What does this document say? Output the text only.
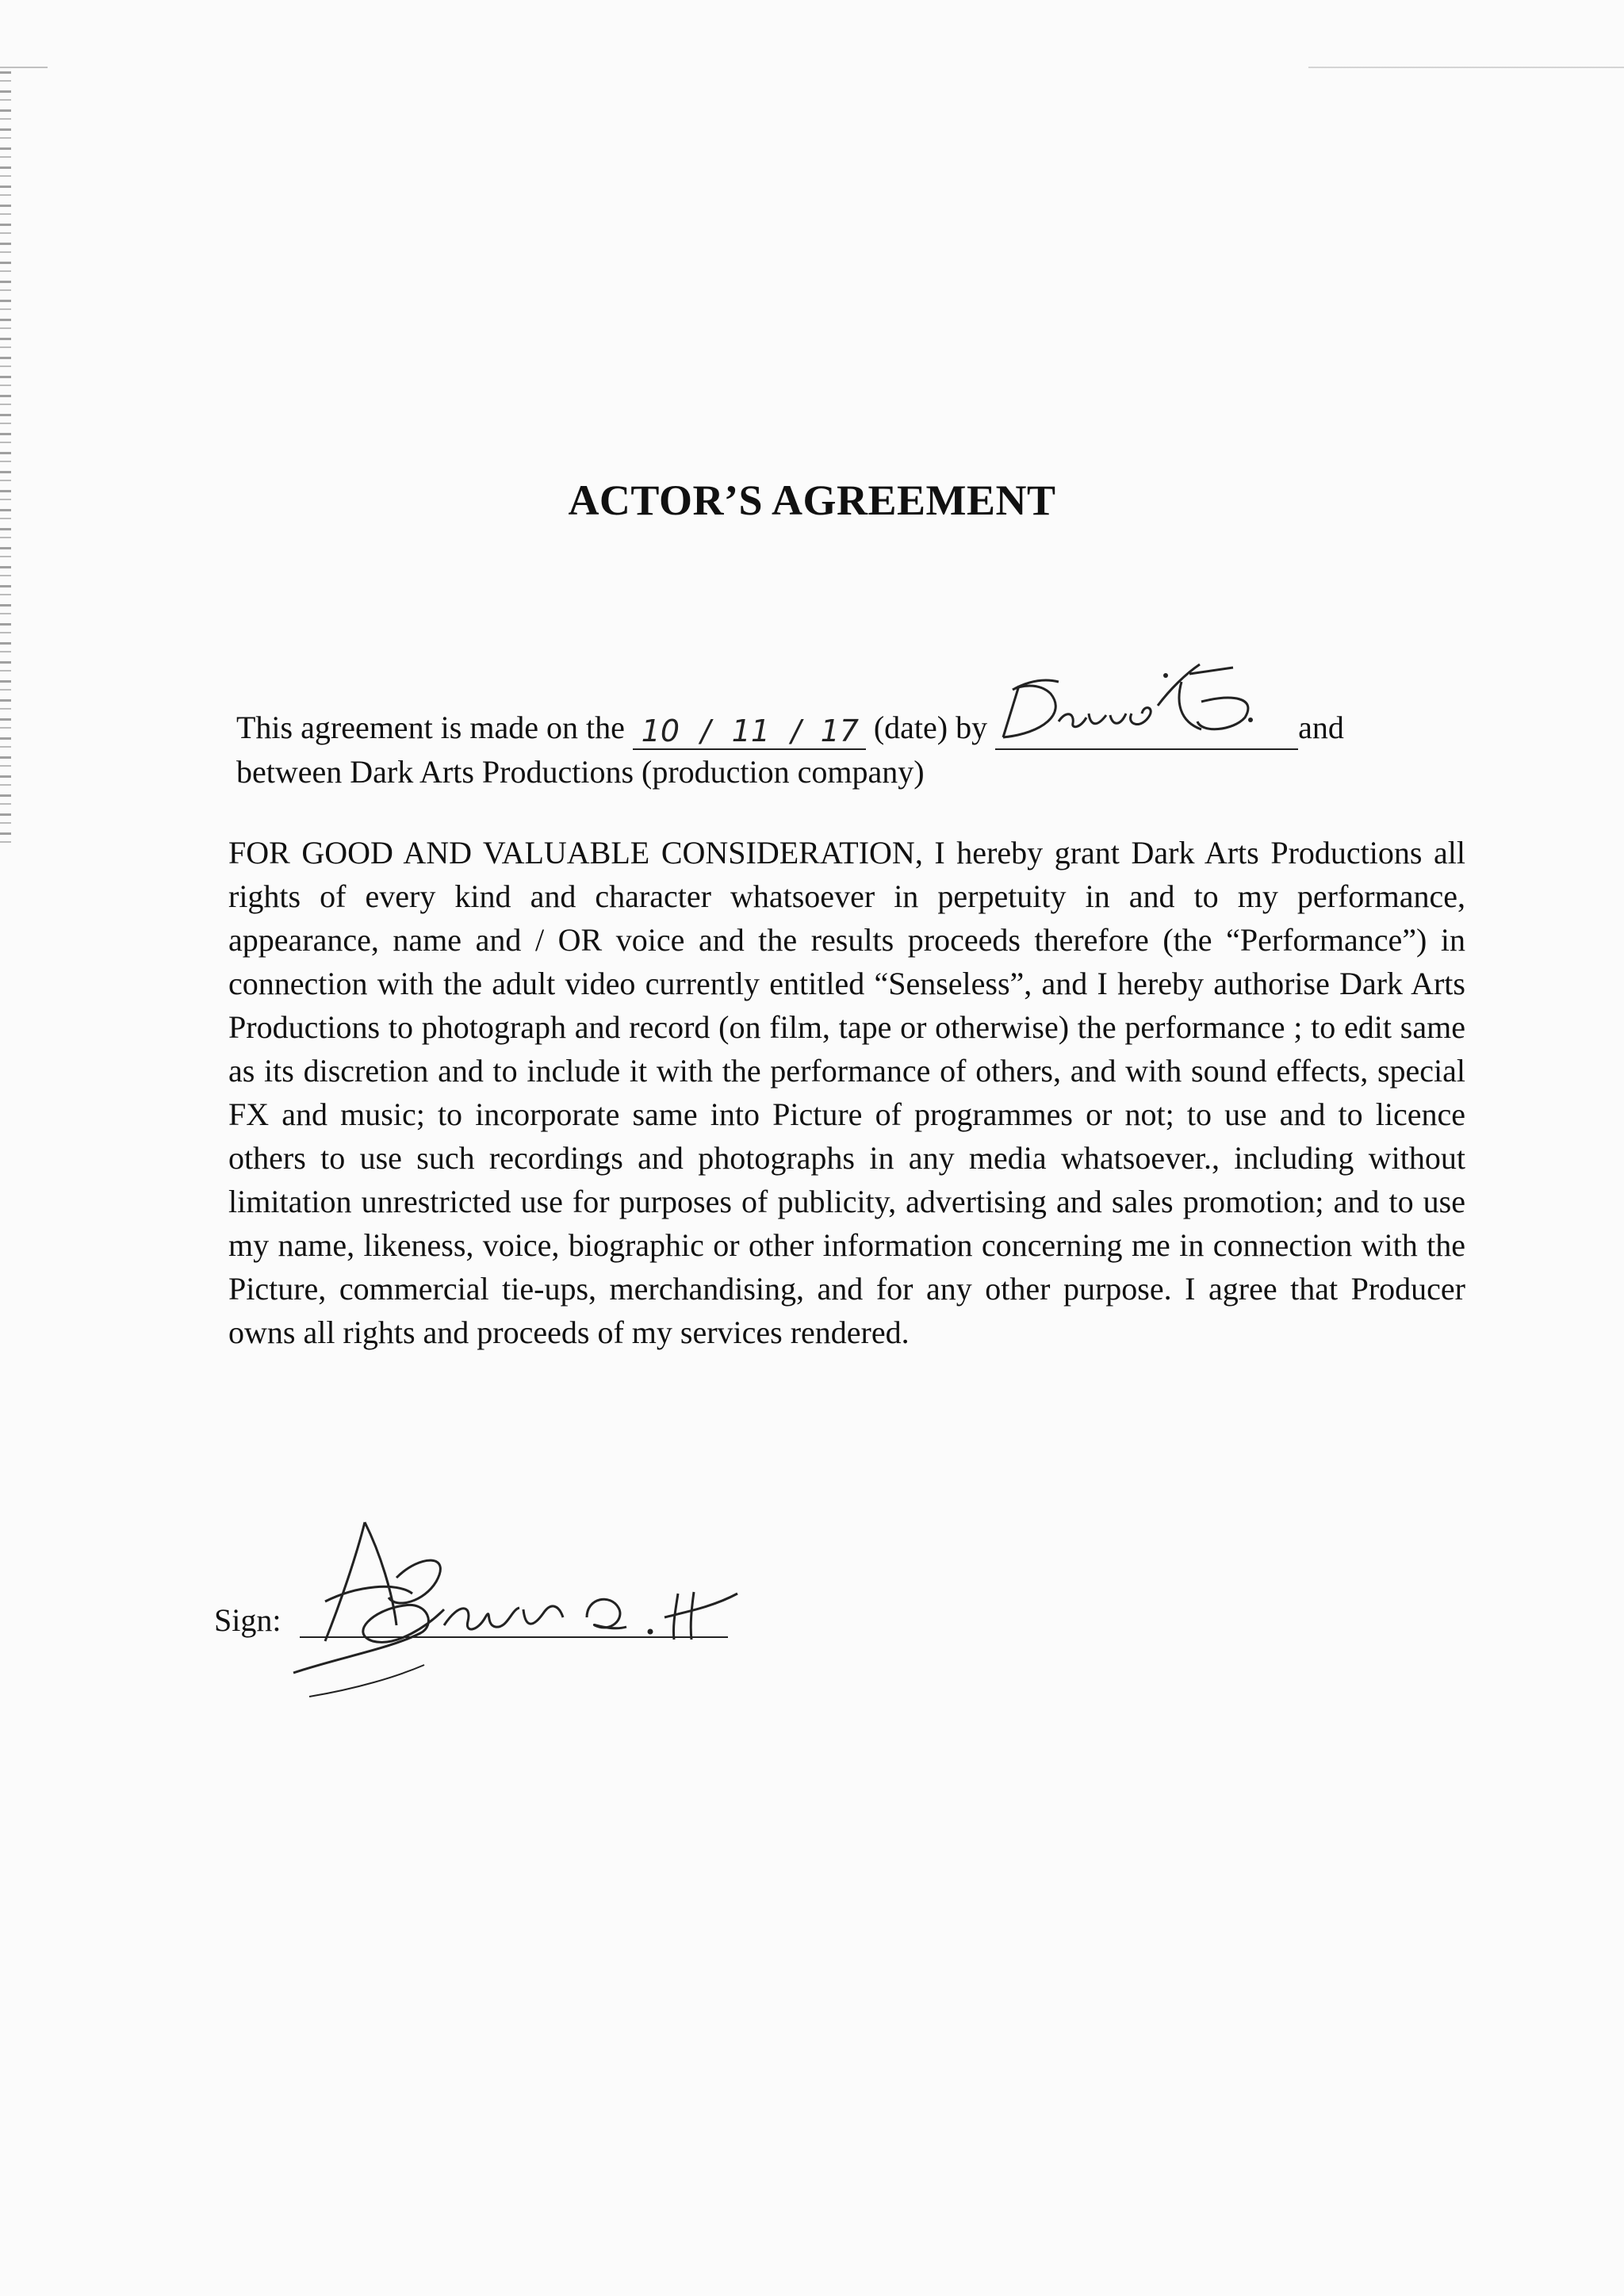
ACTOR’S AGREEMENT
This agreement is made on the 10 / 11 / 17 (date) by	and
between Dark Arts Productions (production company)
FOR GOOD AND VALUABLE CONSIDERATION, I hereby grant Dark Arts Productions all rights of every kind and character whatsoever in perpetuity in and to my performance, appearance, name and / OR voice and the results proceeds therefore (the “Performance”) in connection with the adult video currently entitled “Senseless”, and I hereby authorise Dark Arts Productions to photograph and record (on film, tape or otherwise) the performance ; to edit same as its discretion and to include it with the performance of others, and with sound effects, special FX and music; to incorporate same into Picture of programmes or not; to use and to licence others to use such recordings and photographs in any media whatsoever., including without limitation unrestricted use for purposes of publicity, advertising and sales promotion; and to use my name, likeness, voice, biographic or other information concerning me in connection with the Picture, commercial tie-ups, merchandising, and for any other purpose. I agree that Producer owns all rights and proceeds of my services rendered.
Sign:
